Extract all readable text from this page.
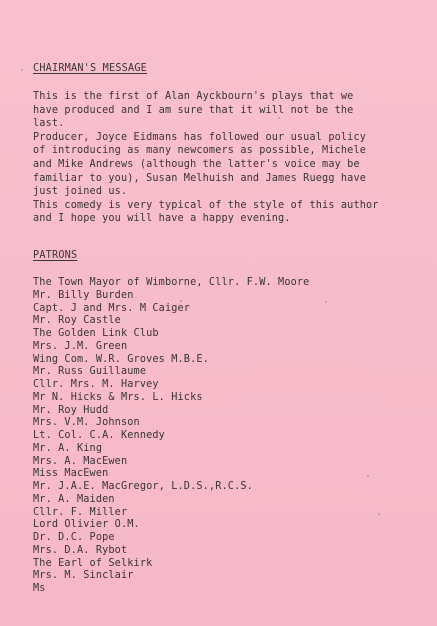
CHAIRMAN'S MESSAGE
This is the first of Alan Ayckbourn's plays that we
have produced and I am sure that it will not be the
last.
Producer, Joyce Eidmans has followed our usual policy
of introducing as many newcomers as possible, Michele
and Mike Andrews (although the latter's voice may be
familiar to you), Susan Melhuish and James Ruegg have
just joined us.
This comedy is very typical of the style of this author
and I hope you will have a happy evening.
PATRONS
The Town Mayor of Wimborne, Cllr. F.W. Moore
Mr. Billy Burden
Capt. J and Mrs. M Caiger
Mr. Roy Castle
The Golden Link Club
Mrs. J.M. Green
Wing Com. W.R. Groves M.B.E.
Mr. Russ Guillaume
Cllr. Mrs. M. Harvey
Mr N. Hicks & Mrs. L. Hicks
Mr. Roy Hudd
Mrs. V.M. Johnson
Lt. Col. C.A. Kennedy
Mr. A. King
Mrs. A. MacEwen
Miss MacEwen
Mr. J.A.E. MacGregor, L.D.S.,R.C.S.
Mr. A. Maiden
Cllr. F. Miller
Lord Olivier O.M.
Dr. D.C. Pope
Mrs. D.A. Rybot
The Earl of Selkirk
Mrs. M. Sinclair
Ms
